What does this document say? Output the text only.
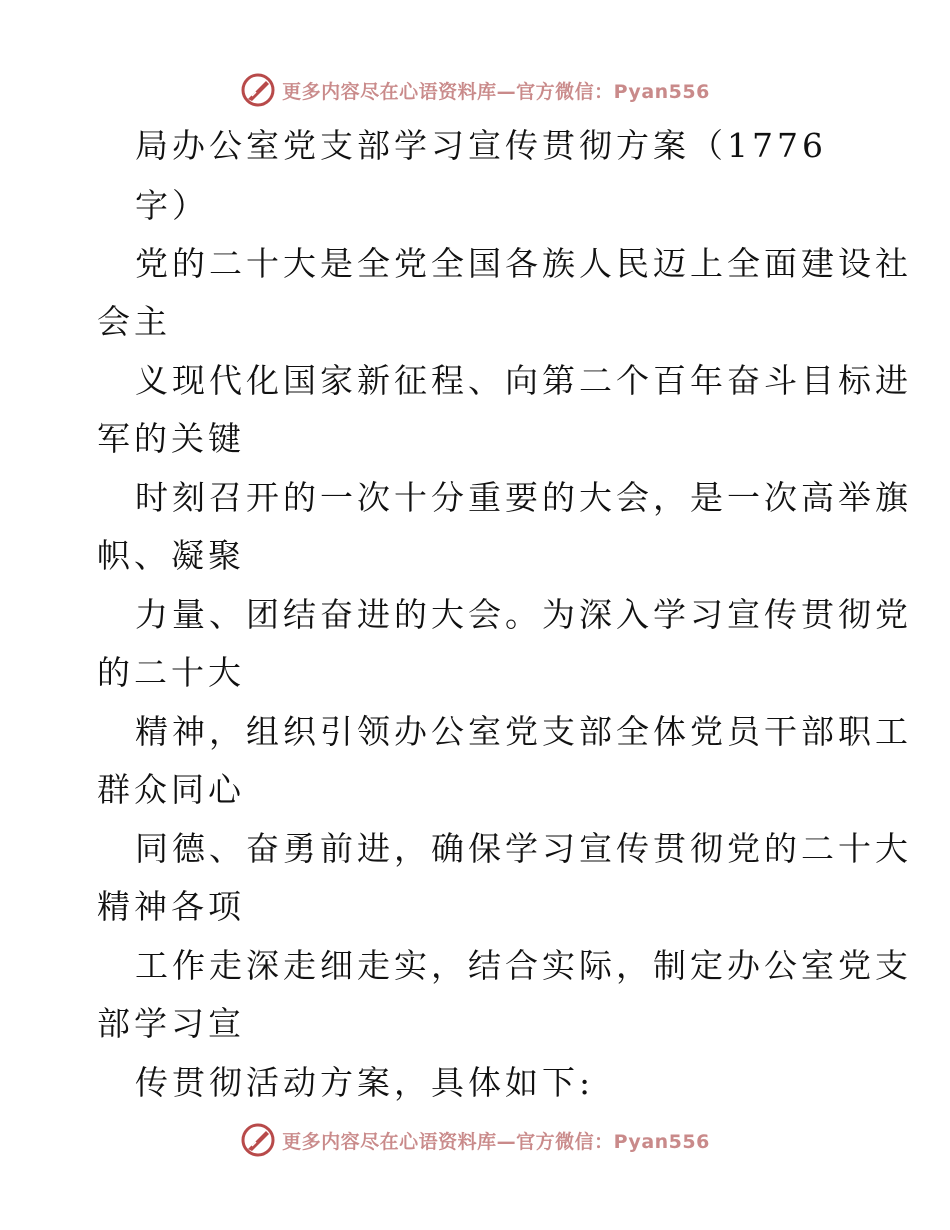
更多内容尽在心语资料库—官方微信：Pyan556
局办公室党支部学习宣传贯彻方案（1776
字）
党的二十大是全党全国各族人民迈上全面建设社
会主
义现代化国家新征程、向第二个百年奋斗目标进
军的关键
时刻召开的一次十分重要的大会，是一次高举旗
帜、凝聚
力量、团结奋进的大会。为深入学习宣传贯彻党
的二十大
精神，组织引领办公室党支部全体党员干部职工
群众同心
同德、奋勇前进，确保学习宣传贯彻党的二十大
精神各项
工作走深走细走实，结合实际，制定办公室党支
部学习宣
传贯彻活动方案，具体如下:
更多内容尽在心语资料库—官方微信：Pyan556
